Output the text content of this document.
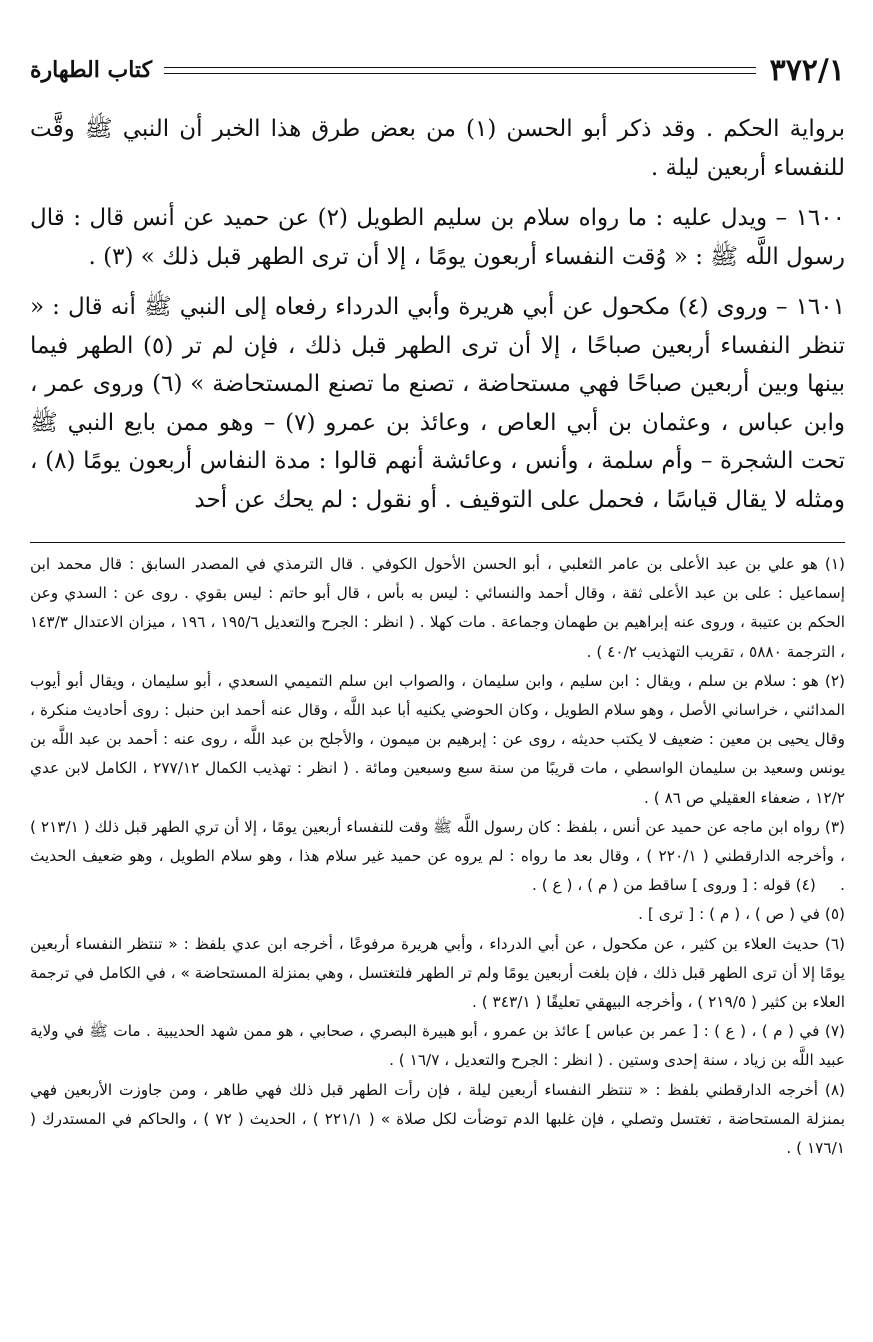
٣٧٢/١
كتاب الطهارة

برواية الحكم . وقد ذكر أبو الحسن (١) من بعض طرق هذا الخبر أن النبي ﷺ وقَّت للنفساء أربعين ليلة .

١٦٠٠ – ويدل عليه : ما رواه سلام بن سليم الطويل (٢) عن حميد عن أنس قال : قال رسول اللَّه ﷺ : « وُقت النفساء أربعون يومًا ، إلا أن ترى الطهر قبل ذلك » (٣) .

١٦٠١ – وروى (٤) مكحول عن أبي هريرة وأبي الدرداء رفعاه إلى النبي ﷺ أنه قال : « تنظر النفساء أربعين صباحًا ، إلا أن ترى الطهر قبل ذلك ، فإن لم تر (٥) الطهر فيما بينها وبين أربعين صباحًا فهي مستحاضة ، تصنع ما تصنع المستحاضة » (٦) وروى عمر ، وابن عباس ، وعثمان بن أبي العاص ، وعائذ بن عمرو (٧) – وهو ممن بايع النبي ﷺ تحت الشجرة – وأم سلمة ، وأنس ، وعائشة أنهم قالوا : مدة النفاس أربعون يومًا (٨) ، ومثله لا يقال قياسًا ، فحمل على التوقيف . أو نقول : لم يحك عن أحد

(١) هو علي بن عبد الأعلى بن عامر الثعلبي ، أبو الحسن الأحول الكوفي . قال الترمذي في المصدر السابق : قال محمد ابن إسماعيل : على بن عبد الأعلى ثقة ، وقال أحمد والنسائي : ليس به بأس ، قال أبو حاتم : ليس بقوي . روى عن : السدي وعن الحكم بن عتيبة ، وروى عنه إبراهيم بن طهمان وجماعة . مات كهلا . ( انظر : الجرح والتعديل ١٩٥/٦ ، ١٩٦ ، ميزان الاعتدال ١٤٣/٣ ، الترجمة ٥٨٨٠ ، تقريب التهذيب ٤٠/٢ ) .

(٢) هو : سلام بن سلم ، ويقال : ابن سليم ، وابن سليمان ، والصواب ابن سلم التميمي السعدي ، أبو سليمان ، ويقال أبو أيوب المدائني ، خراساني الأصل ، وهو سلام الطويل ، وكان الحوضي يكنيه أبا عبد اللَّه ، وقال عنه أحمد ابن حنبل : روى أحاديث منكرة ، وقال يحيى بن معين : ضعيف لا يكتب حديثه ، روى عن : إبرهيم بن ميمون ، والأجلح بن عبد اللَّه ، روى عنه : أحمد بن عبد اللَّه بن يونس وسعيد بن سليمان الواسطي ، مات قريبًا من سنة سبع وسبعين ومائة . ( انظر : تهذيب الكمال ٢٧٧/١٢ ، الكامل لابن عدي ١٢/٢ ، ضعفاء العقيلي ص ٨٦ ) .

(٣) رواه ابن ماجه عن حميد عن أنس ، بلفظ : كان رسول اللَّه ﷺ وقت للنفساء أربعين يومًا ، إلا أن تري الطهر قبل ذلك ( ٢١٣/١ ) ، وأخرجه الدارقطني ( ٢٢٠/١ ) ، وقال بعد ما رواه : لم يروه عن حميد غير سلام هذا ، وهو سلام الطويل ، وهو ضعيف الحديث .     (٤) قوله : [ وروى ] ساقط من ( م ) ، ( ع ) .

(٥) في ( ص ) ، ( م ) : [ ترى ] .

(٦) حديث العلاء بن كثير ، عن مكحول ، عن أبي الدرداء ، وأبي هريرة مرفوعًا ، أخرجه ابن عدي بلفظ : « تنتظر النفساء أربعين يومًا إلا أن ترى الطهر قبل ذلك ، فإن بلغت أربعين يومًا ولم تر الطهر فلتغتسل ، وهي بمنزلة المستحاضة » ، في الكامل في ترجمة العلاء بن كثير ( ٢١٩/٥ ) ، وأخرجه البيهقي تعليقًا ( ٣٤٣/١ ) .

(٧) في ( م ) ، ( ع ) : [ عمر بن عباس ] عائذ بن عمرو ، أبو هبيرة البصري ، صحابي ، هو ممن شهد الحديبية . مات ﷺ في ولاية عبيد اللَّه بن زياد ، سنة إحدى وستين . ( انظر : الجرح والتعديل ، ١٦/٧ ) .

(٨) أخرجه الدارقطني بلفظ : « تنتظر النفساء أربعين ليلة ، فإن رأت الطهر قبل ذلك فهي طاهر ، ومن جاوزت الأربعين فهي بمنزلة المستحاضة ، تغتسل وتصلي ، فإن غلبها الدم توضأت لكل صلاة » ( ٢٢١/١ ) ، الحديث ( ٧٢ ) ، والحاكم في المستدرك ( ١٧٦/١ ) .
